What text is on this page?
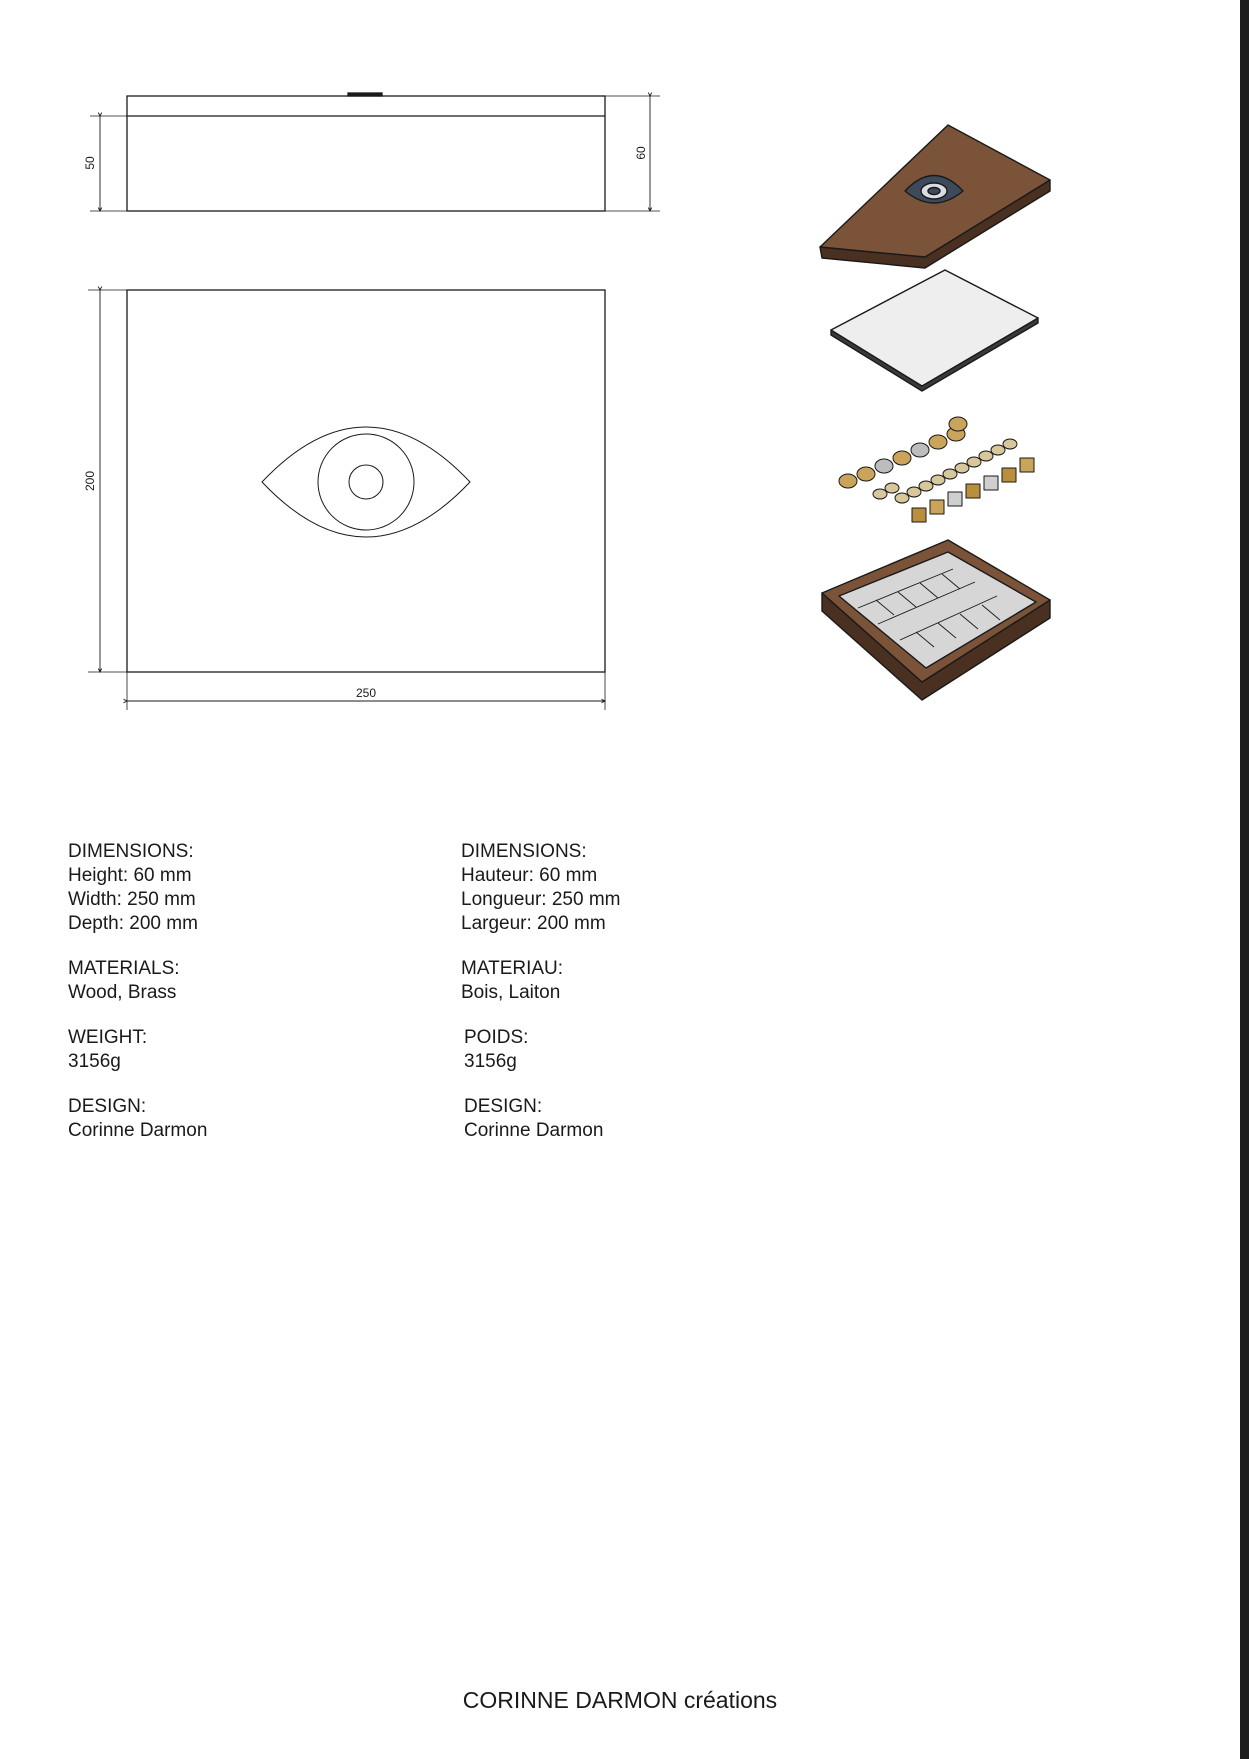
50
60
200
250
DIMENSIONS:
Height: 60 mm
Width: 250 mm
Depth: 200 mm
MATERIALS:
Wood, Brass
WEIGHT:
3156g
DESIGN:
Corinne Darmon
DIMENSIONS:
Hauteur: 60 mm
Longueur: 250 mm
Largeur: 200 mm
MATERIAU:
Bois, Laiton
POIDS:
3156g
DESIGN:
Corinne Darmon
CORINNE DARMON créations
